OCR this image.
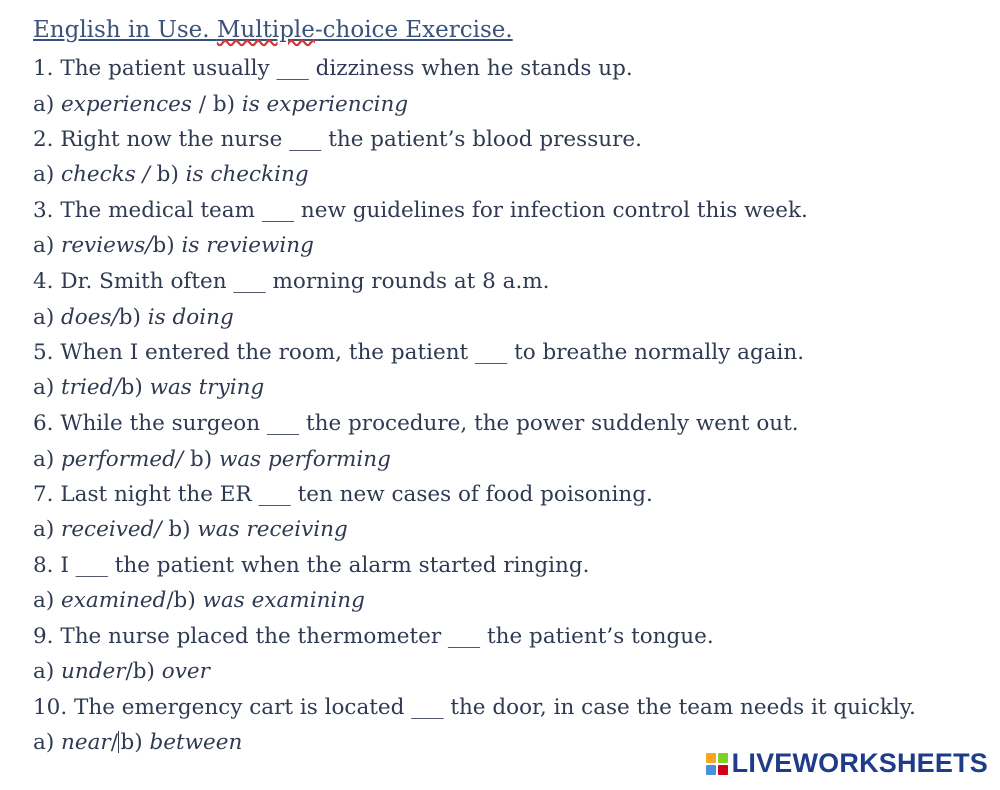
English in Use. Multiple-choice Exercise.
1. The patient usually ___ dizziness when he stands up.
a) experiences / b) is experiencing
2. Right now the nurse ___ the patient’s blood pressure.
a) checks / b) is checking
3. The medical team ___ new guidelines for infection control this week.
a) reviews/b) is reviewing
4. Dr. Smith often ___ morning rounds at 8 a.m.
a) does/b) is doing
5. When I entered the room, the patient ___ to breathe normally again.
a) tried/b) was trying
6. While the surgeon ___ the procedure, the power suddenly went out.
a) performed/ b) was performing
7. Last night the ER ___ ten new cases of food poisoning.
a) received/ b) was receiving
8. I ___ the patient when the alarm started ringing.
a) examined/b) was examining
9. The nurse placed the thermometer ___ the patient’s tongue.
a) under/b) over
10. The emergency cart is located ___ the door, in case the team needs it quickly.
a) near/ b) between
LIVEWORKSHEETS
